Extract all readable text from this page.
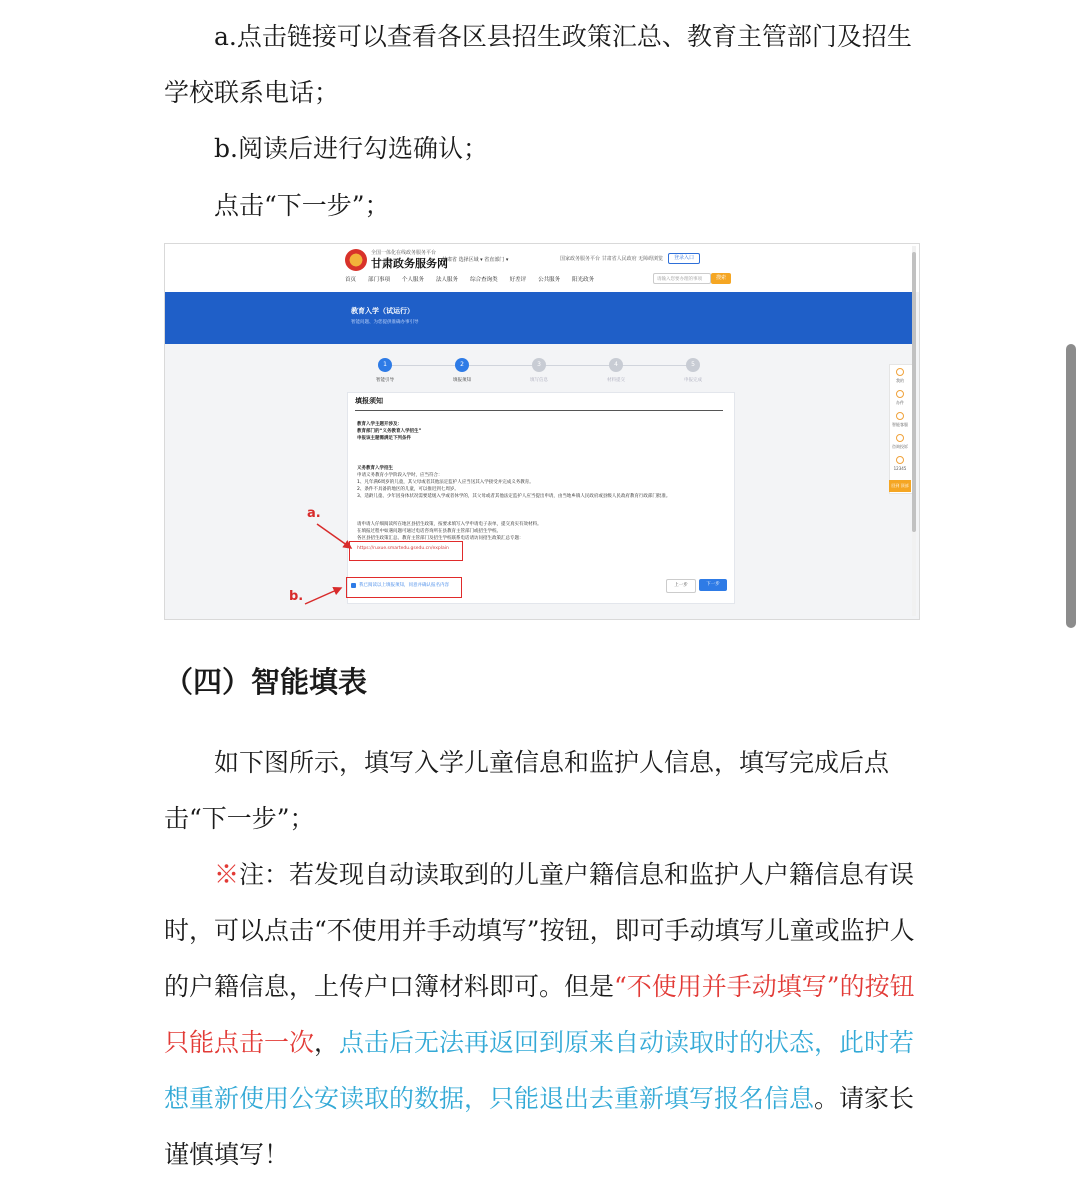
a.点击链接可以查看各区县招生政策汇总、教育主管部门及招生学校联系电话；

b.阅读后进行勾选确认；

点击“下一步”；

全国一体化在线政务服务平台
甘肃政务服务网
甘肃省 选择区域 ▾ 省直部门 ▾	国家政务服务平台 甘肃省人民政府 无障碍浏览	登录入口
首页 部门事项 个人服务 法人服务 综合查询类 好差评 公共服务 阳光政务	请输入您要办理的事项	搜索
教育入学（试运行）
智能问题、为您提供准确办事引导
1	2	3	4	5
智能引导	填报须知	填写信息	材料提交	申报完成
填报须知
教育入学主题开涉及：
教育部门的“义务教育入学招生”
申报该主题需满足下列条件
义务教育入学招生
申请义务教育小学阶段入学时，应当符合：
1、凡年满6周岁的儿童，其父母或者其他法定监护人应当送其入学接受并完成义务教育。
2、条件不具备的地区的儿童，可以推迟到七周岁。
3、适龄儿童、少年因身体状况需要延缓入学或者休学的，其父母或者其他法定监护人应当提出申请，由当地乡镇人民政府或县级人民政府教育行政部门批准。
请申请人仔细阅读所在地区县招生政策，按要求填写入学申请电子表单，提交真实有效材料。
在填报过程中如遇问题可通过电话咨询所在县教育主管部门或招生学校。
各区县招生政策汇总、教育主管部门及招生学校联系电话请访问招生政策汇总专题：
https://ruxue.smartedu.gsedu.cn/explain
我已阅读以上填报须知，同意并确认报名内容	上一步	下一步
a.
b.
我的
办件
智能客服
咨询投诉
12345
回到 顶部
（四）智能填表

如下图所示，填写入学儿童信息和监护人信息，填写完成后点击“下一步”；

※注：若发现自动读取到的儿童户籍信息和监护人户籍信息有误时，可以点击“不使用并手动填写”按钮，即可手动填写儿童或监护人的户籍信息，上传户口簿材料即可。但是“不使用并手动填写”的按钮只能点击一次，点击后无法再返回到原来自动读取时的状态，此时若想重新使用公安读取的数据，只能退出去重新填写报名信息。请家长谨慎填写！
